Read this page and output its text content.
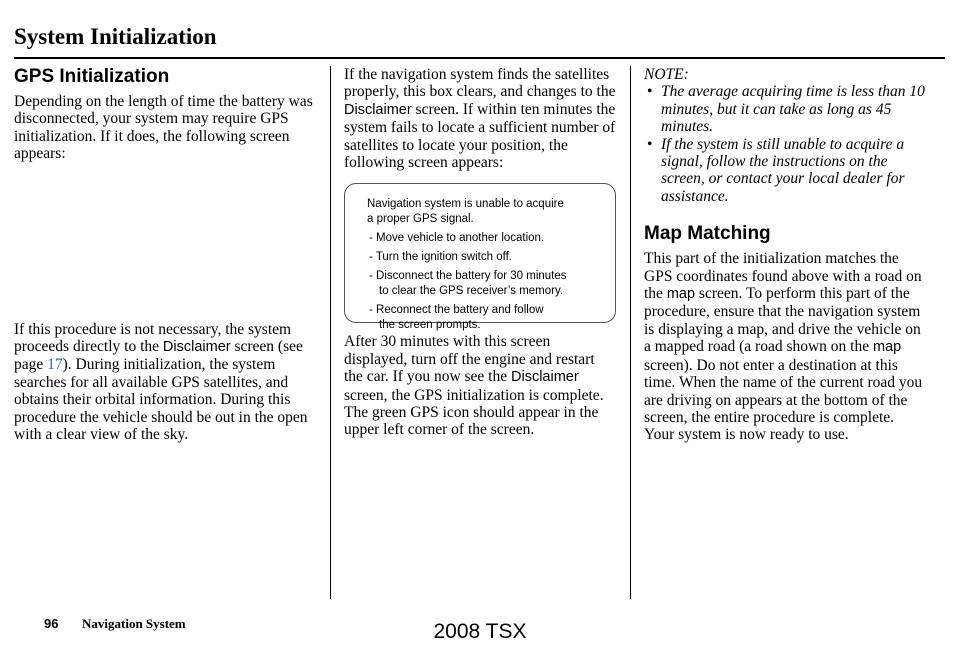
System Initialization
GPS Initialization

Depending on the length of time the battery was disconnected, your system may require GPS initialization. If it does, the following screen appears:

If this procedure is not necessary, the system proceeds directly to the Disclaimer screen (see page 17). During initialization, the system searches for all available GPS satellites, and obtains their orbital information. During this procedure the vehicle should be out in the open with a clear view of the sky.

If the navigation system finds the satellites properly, this box clears, and changes to the Disclaimer screen. If within ten minutes the system fails to locate a sufficient number of satellites to locate your position, the following screen appears:

Navigation system is unable to acquire
a proper GPS signal.
- Move vehicle to another location.
- Turn the ignition switch off.
- Disconnect the battery for 30 minutes
to clear the GPS receiver’s memory.
- Reconnect the battery and follow
the screen prompts.

After 30 minutes with this screen displayed, turn off the engine and restart the car. If you now see the Disclaimer screen, the GPS initialization is complete. The green GPS icon should appear in the upper left corner of the screen.

NOTE:
• The average acquiring time is less than 10 minutes, but it can take as long as 45 minutes.
• If the system is still unable to acquire a signal, follow the instructions on the screen, or contact your local dealer for assistance.
Map Matching

This part of the initialization matches the GPS coordinates found above with a road on the map screen. To perform this part of the procedure, ensure that the navigation system is displaying a map, and drive the vehicle on a mapped road (a road shown on the map screen). Do not enter a destination at this time. When the name of the current road you are driving on appears at the bottom of the screen, the entire procedure is complete. Your system is now ready to use.

96 Navigation System	2008 TSX
